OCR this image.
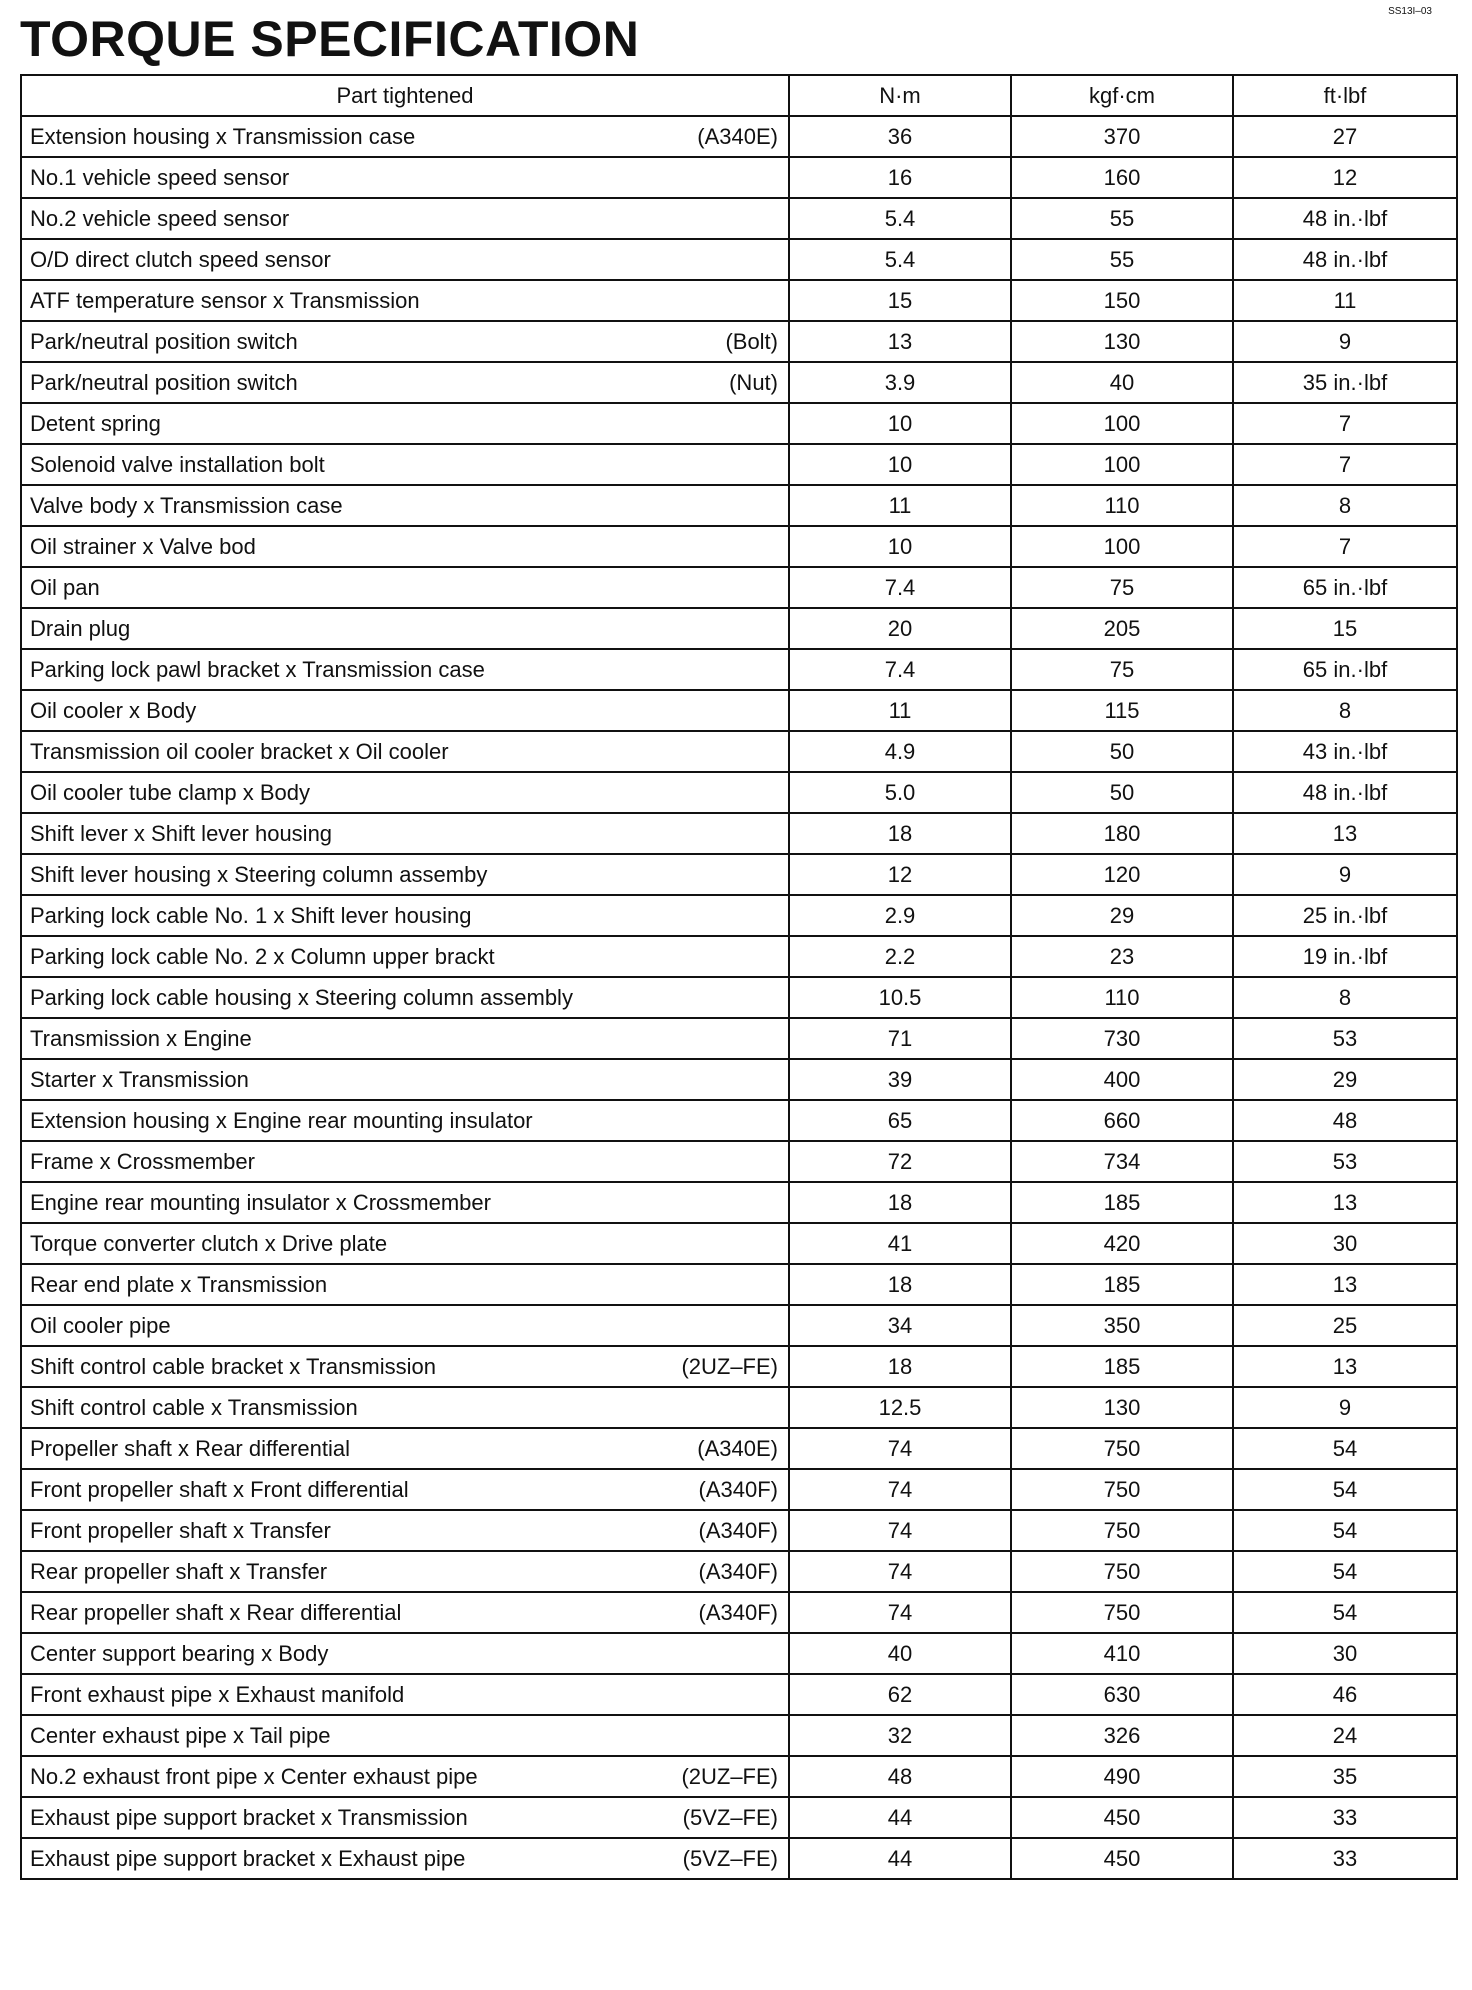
SS13I–03
TORQUE SPECIFICATION
Part tightened	N·m	kgf·cm	ft·lbf

Extension housing x Transmission case (A340E)	36	370	27

No.1 vehicle speed sensor	16	160	12

No.2 vehicle speed sensor	5.4	55	48 in.·lbf

O/D direct clutch speed sensor	5.4	55	48 in.·lbf

ATF temperature sensor x Transmission	15	150	11

Park/neutral position switch (Bolt)	13	130	9

Park/neutral position switch (Nut)	3.9	40	35 in.·lbf

Detent spring	10	100	7

Solenoid valve installation bolt	10	100	7

Valve body x Transmission case	11	110	8

Oil strainer x Valve bod	10	100	7

Oil pan	7.4	75	65 in.·lbf

Drain plug	20	205	15

Parking lock pawl bracket x Transmission case	7.4	75	65 in.·lbf

Oil cooler x Body	11	115	8

Transmission oil cooler bracket x Oil cooler	4.9	50	43 in.·lbf

Oil cooler tube clamp x Body	5.0	50	48 in.·lbf

Shift lever x Shift lever housing	18	180	13

Shift lever housing x Steering column assemby	12	120	9

Parking lock cable No. 1 x Shift lever housing	2.9	29	25 in.·lbf

Parking lock cable No. 2 x Column upper brackt	2.2	23	19 in.·lbf

Parking lock cable housing x Steering column assembly	10.5	110	8

Transmission x Engine	71	730	53

Starter x Transmission	39	400	29

Extension housing x Engine rear mounting insulator	65	660	48

Frame x Crossmember	72	734	53

Engine rear mounting insulator x Crossmember	18	185	13

Torque converter clutch x Drive plate	41	420	30

Rear end plate x Transmission	18	185	13

Oil cooler pipe	34	350	25

Shift control cable bracket x Transmission (2UZ–FE)	18	185	13

Shift control cable x Transmission	12.5	130	9

Propeller shaft x Rear differential (A340E)	74	750	54

Front propeller shaft x Front differential (A340F)	74	750	54

Front propeller shaft x Transfer (A340F)	74	750	54

Rear propeller shaft x Transfer (A340F)	74	750	54

Rear propeller shaft x Rear differential (A340F)	74	750	54

Center support bearing x Body	40	410	30

Front exhaust pipe x Exhaust manifold	62	630	46

Center exhaust pipe x Tail pipe	32	326	24

No.2 exhaust front pipe x Center exhaust pipe (2UZ–FE)	48	490	35

Exhaust pipe support bracket x Transmission (5VZ–FE)	44	450	33

Exhaust pipe support bracket x Exhaust pipe (5VZ–FE)	44	450	33
